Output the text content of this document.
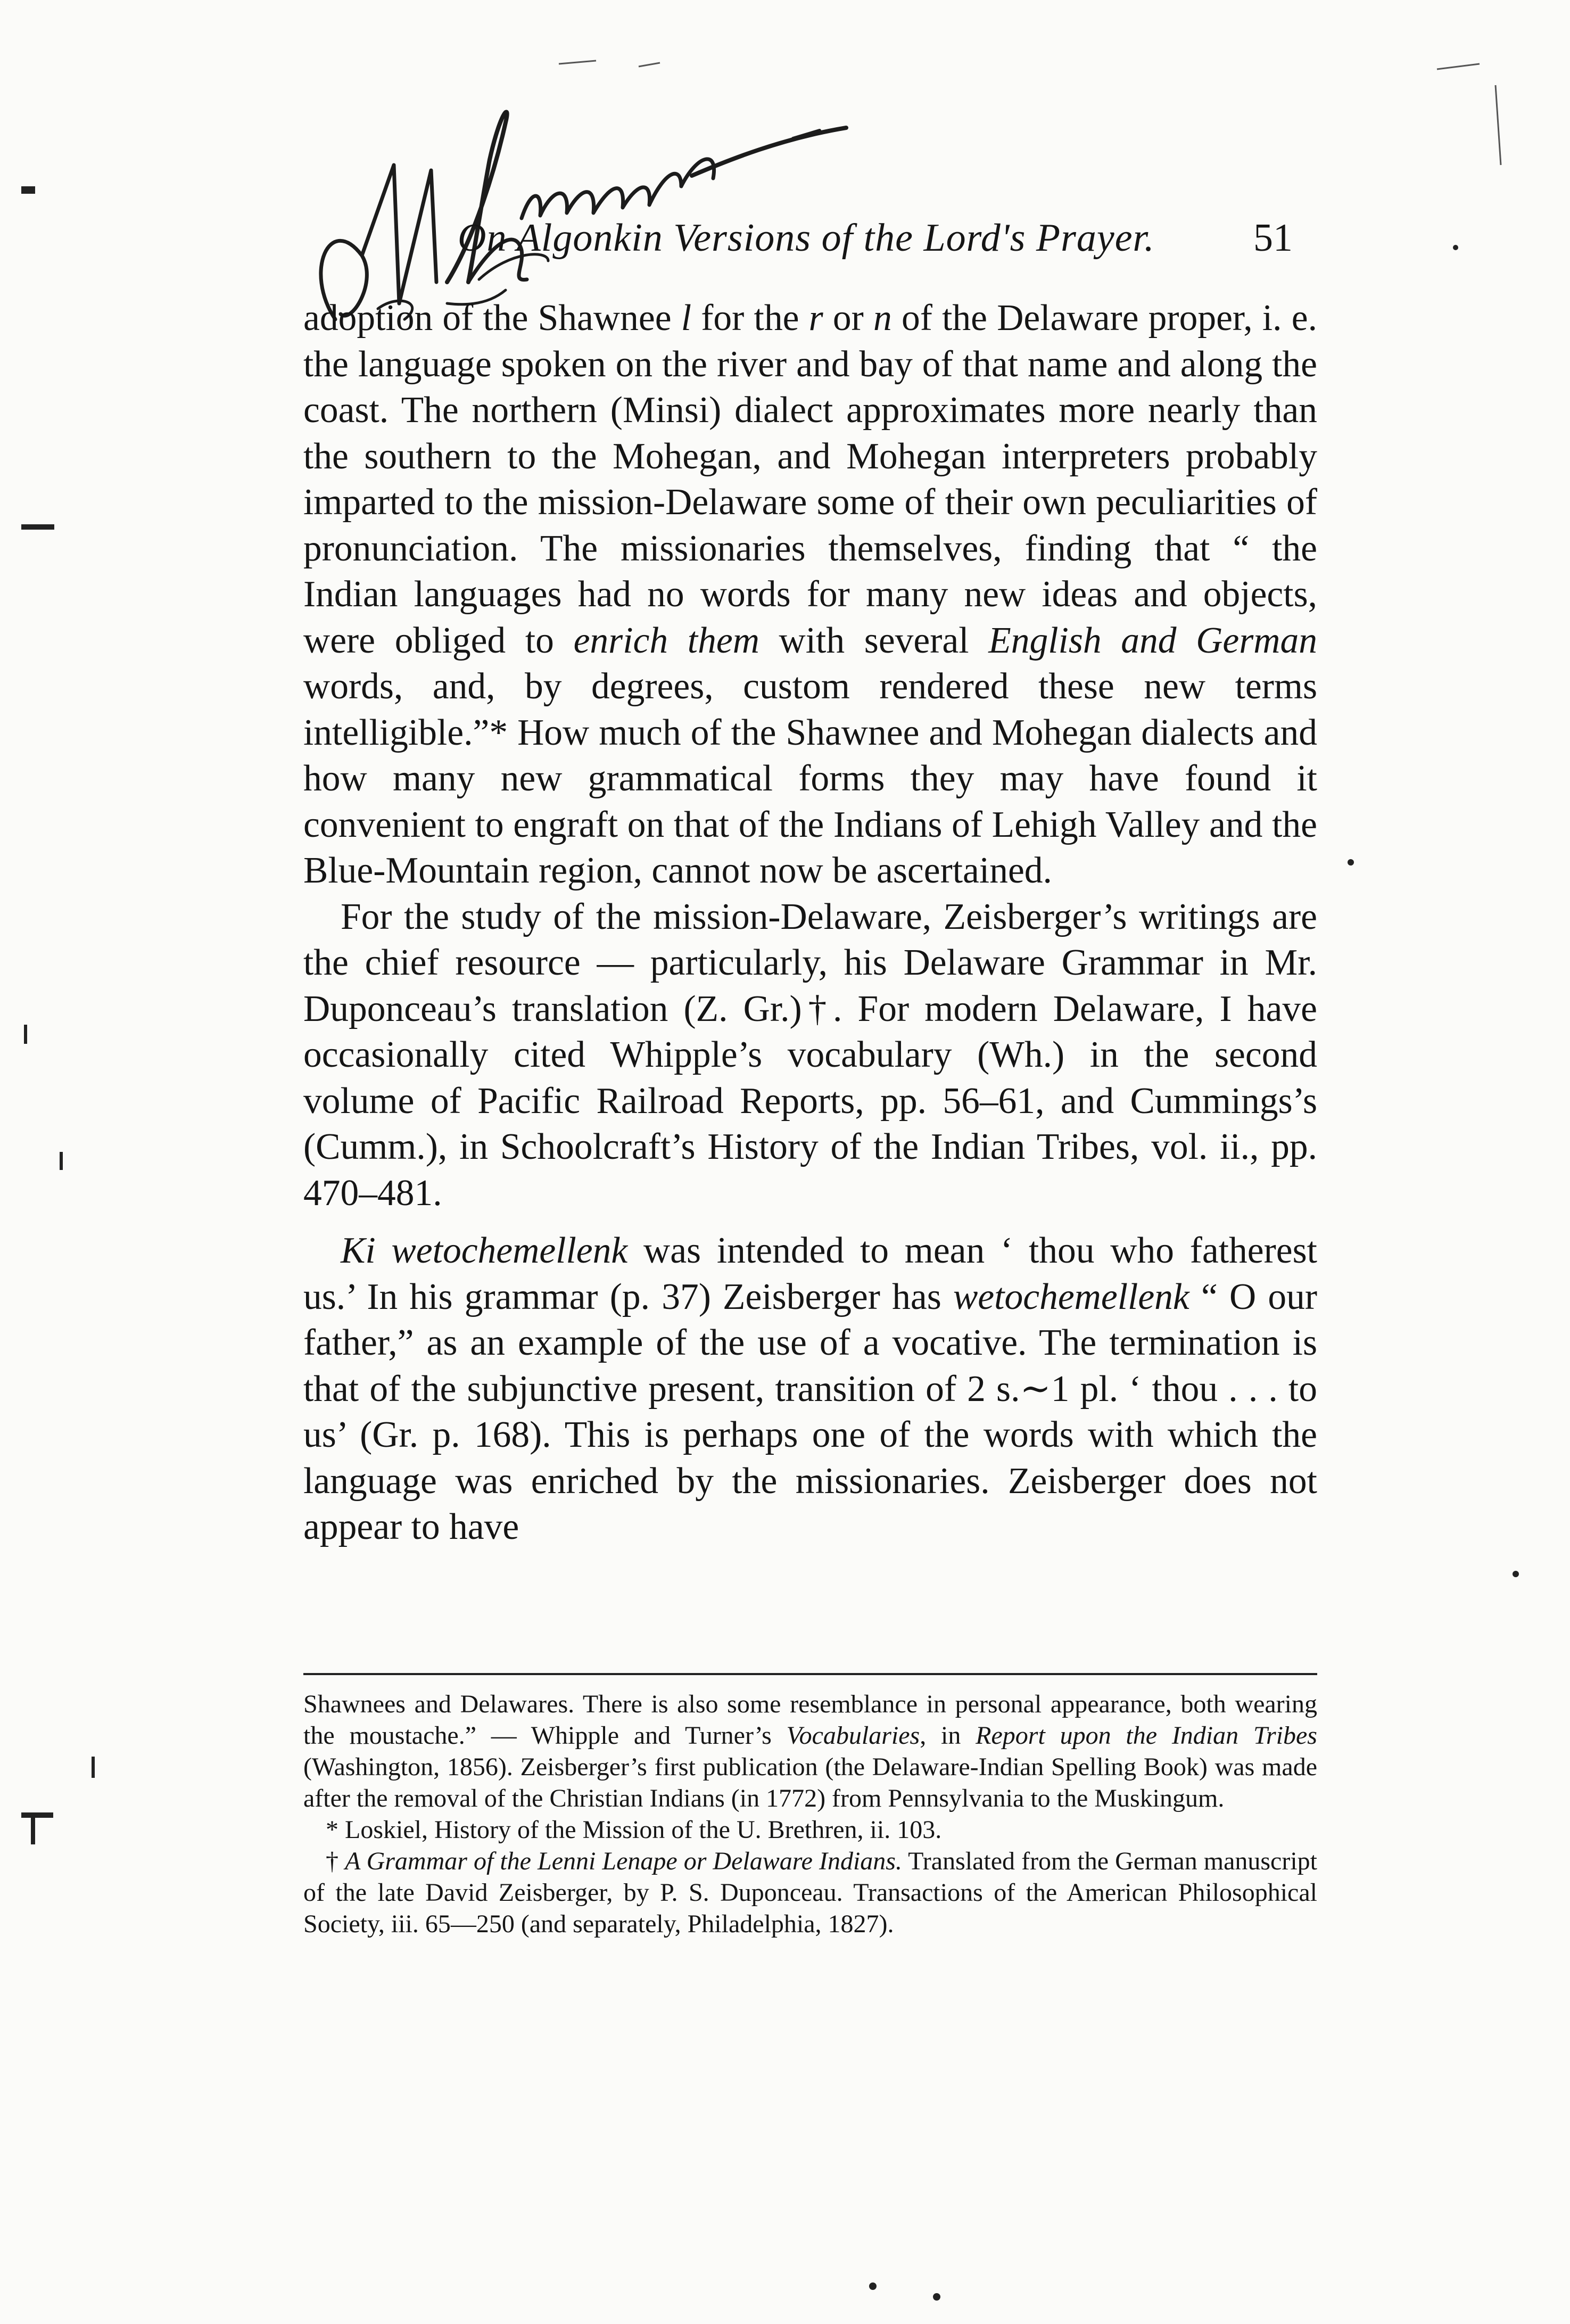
On Algonkin Versions of the Lord's Prayer.	51

adoption of the Shawnee l for the r or n of the Delaware proper, i. e. the language spoken on the river and bay of that name and along the coast. The northern (Minsi) dialect approximates more nearly than the southern to the Mohegan, and Mohegan interpreters probably imparted to the mission-Delaware some of their own peculiarities of pronunciation. The missionaries themselves, finding that “ the Indian languages had no words for many new ideas and objects, were obliged to enrich them with several English and German words, and, by degrees, custom rendered these new terms intelligible.”* How much of the Shawnee and Mohegan dialects and how many new grammatical forms they may have found it convenient to engraft on that of the Indians of Lehigh Valley and the Blue-Mountain region, cannot now be ascertained.

For the study of the mission-Delaware, Zeisberger’s writings are the chief resource — particularly, his Delaware Grammar in Mr. Duponceau’s translation (Z. Gr.)†. For modern Delaware, I have occasionally cited Whipple’s vocabulary (Wh.) in the second volume of Pacific Railroad Reports, pp. 56–61, and Cummings’s (Cumm.), in Schoolcraft’s History of the Indian Tribes, vol. ii., pp. 470–481.

Ki wetochemellenk was intended to mean ‘ thou who fatherest us.’ In his grammar (p. 37) Zeisberger has wetochemellenk “ O our father,” as an example of the use of a vocative. The termination is that of the subjunctive present, transition of 2 s.∼1 pl. ‘ thou . . . to us’ (Gr. p. 168). This is perhaps one of the words with which the language was enriched by the missionaries. Zeisberger does not appear to have

Shawnees and Delawares. There is also some resemblance in personal appearance, both wearing the moustache.” — Whipple and Turner’s Vocabularies, in Report upon the Indian Tribes (Washington, 1856). Zeisberger’s first publication (the Delaware-Indian Spelling Book) was made after the removal of the Christian Indians (in 1772) from Pennsylvania to the Muskingum.

* Loskiel, History of the Mission of the U. Brethren, ii. 103.

† A Grammar of the Lenni Lenape or Delaware Indians. Translated from the German manuscript of the late David Zeisberger, by P. S. Duponceau. Transactions of the American Philosophical Society, iii. 65—250 (and separately, Philadelphia, 1827).
